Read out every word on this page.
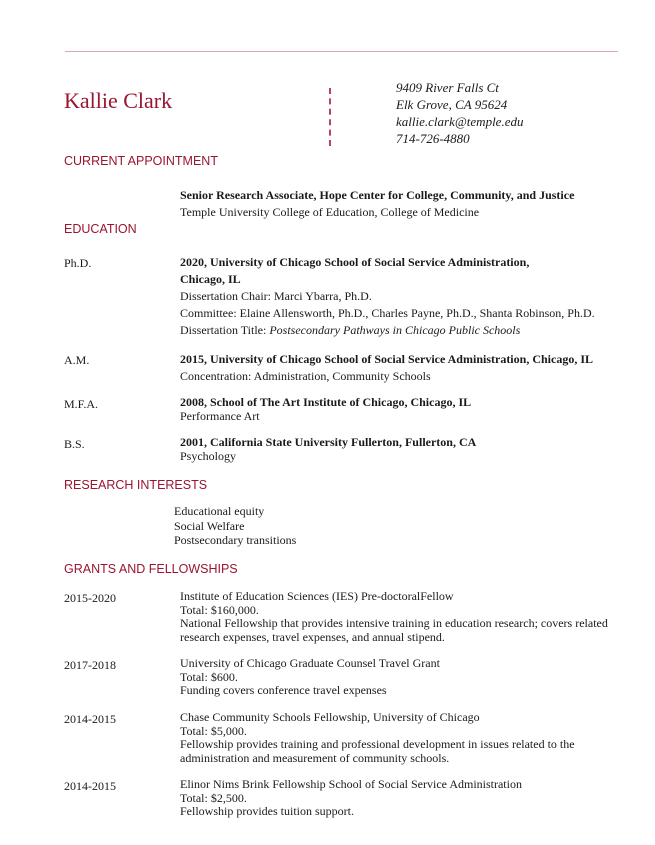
Kallie Clark
9409 River Falls Ct
Elk Grove, CA 95624
kallie.clark@temple.edu
714-726-4880
CURRENT APPOINTMENT
Senior Research Associate, Hope Center for College, Community, and Justice
Temple University College of Education, College of Medicine
EDUCATION
Ph.D.	2020, University of Chicago School of Social Service Administration,
Chicago, IL
Dissertation Chair: Marci Ybarra, Ph.D.
Committee: Elaine Allensworth, Ph.D., Charles Payne, Ph.D., Shanta Robinson, Ph.D.
Dissertation Title: Postsecondary Pathways in Chicago Public Schools
A.M.	2015, University of Chicago School of Social Service Administration, Chicago, IL
Concentration: Administration, Community Schools
M.F.A.	2008, School of The Art Institute of Chicago, Chicago, IL
Performance Art
B.S.	2001, California State University Fullerton, Fullerton, CA
Psychology
RESEARCH INTERESTS
Educational equity
Social Welfare
Postsecondary transitions
GRANTS AND FELLOWSHIPS
2015-2020	Institute of Education Sciences (IES) Pre-doctoralFellow
Total: $160,000.
National Fellowship that provides intensive training in education research; covers related
research expenses, travel expenses, and annual stipend.
2017-2018	University of Chicago Graduate Counsel Travel Grant
Total: $600.
Funding covers conference travel expenses
2014-2015	Chase Community Schools Fellowship, University of Chicago
Total: $5,000.
Fellowship provides training and professional development in issues related to the
administration and measurement of community schools.
2014-2015	Elinor Nims Brink Fellowship School of Social Service Administration
Total: $2,500.
Fellowship provides tuition support.
